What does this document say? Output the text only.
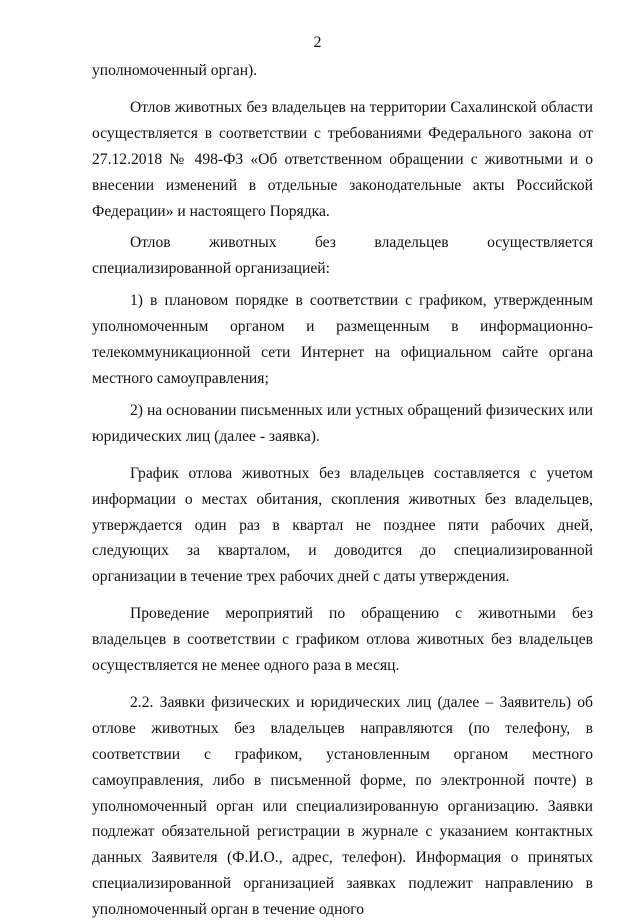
2

уполномоченный орган).

Отлов животных без владельцев на территории Сахалинской области осуществляется в соответствии с требованиями Федерального закона от 27.12.2018 № 498-ФЗ «Об ответственном обращении с животными и о внесении изменений в отдельные законодательные акты Российской Федерации» и настоящего Порядка.

Отлов животных без владельцев осуществляется специализированной организацией:

1) в плановом порядке в соответствии с графиком, утвержденным уполномоченным органом и размещенным в информационно-телекоммуникационной сети Интернет на официальном сайте органа местного самоуправления;

2) на основании письменных или устных обращений физических или юридических лиц (далее - заявка).

График отлова животных без владельцев составляется с учетом информации о местах обитания, скопления животных без владельцев, утверждается один раз в квартал не позднее пяти рабочих дней, следующих за кварталом, и доводится до специализированной организации в течение трех рабочих дней с даты утверждения.

Проведение мероприятий по обращению с животными без владельцев в соответствии с графиком отлова животных без владельцев осуществляется не менее одного раза в месяц.

2.2. Заявки физических и юридических лиц (далее – Заявитель) об отлове животных без владельцев направляются (по телефону, в соответствии с графиком, установленным органом местного самоуправления, либо в письменной форме, по электронной почте) в уполномоченный орган или специализированную организацию. Заявки подлежат обязательной регистрации в журнале с указанием контактных данных Заявителя (Ф.И.О., адрес, телефон). Информация о принятых специализированной организацией заявках подлежит направлению в уполномоченный орган в течение одного
